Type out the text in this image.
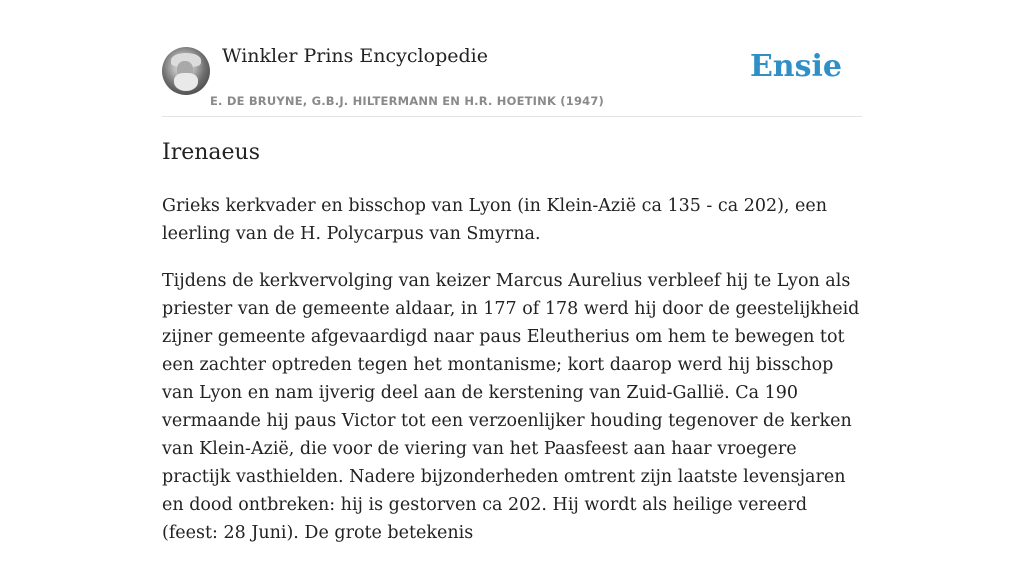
Winkler Prins Encyclopedie
E. DE BRUYNE, G.B.J. HILTERMANN EN H.R. HOETINK (1947)
Ensie
Irenaeus

Grieks kerkvader en bisschop van Lyon (in Klein-Azië ca 135 - ca 202), een leerling van de H. Polycarpus van Smyrna.

Tijdens de kerkvervolging van keizer Marcus Aurelius verbleef hij te Lyon als priester van de gemeente aldaar, in 177 of 178 werd hij door de geestelijkheid zijner gemeente afgevaardigd naar paus Eleutherius om hem te bewegen tot een zachter optreden tegen het montanisme; kort daarop werd hij bisschop van Lyon en nam ijverig deel aan de kerstening van Zuid-Gallië. Ca 190 vermaande hij paus Victor tot een verzoenlijker houding tegenover de kerken van Klein-Azië, die voor de viering van het Paasfeest aan haar vroegere practijk vasthielden. Nadere bijzonderheden omtrent zijn laatste levensjaren en dood ontbreken: hij is gestorven ca 202. Hij wordt als heilige vereerd (feest: 28 Juni). De grote betekenis
